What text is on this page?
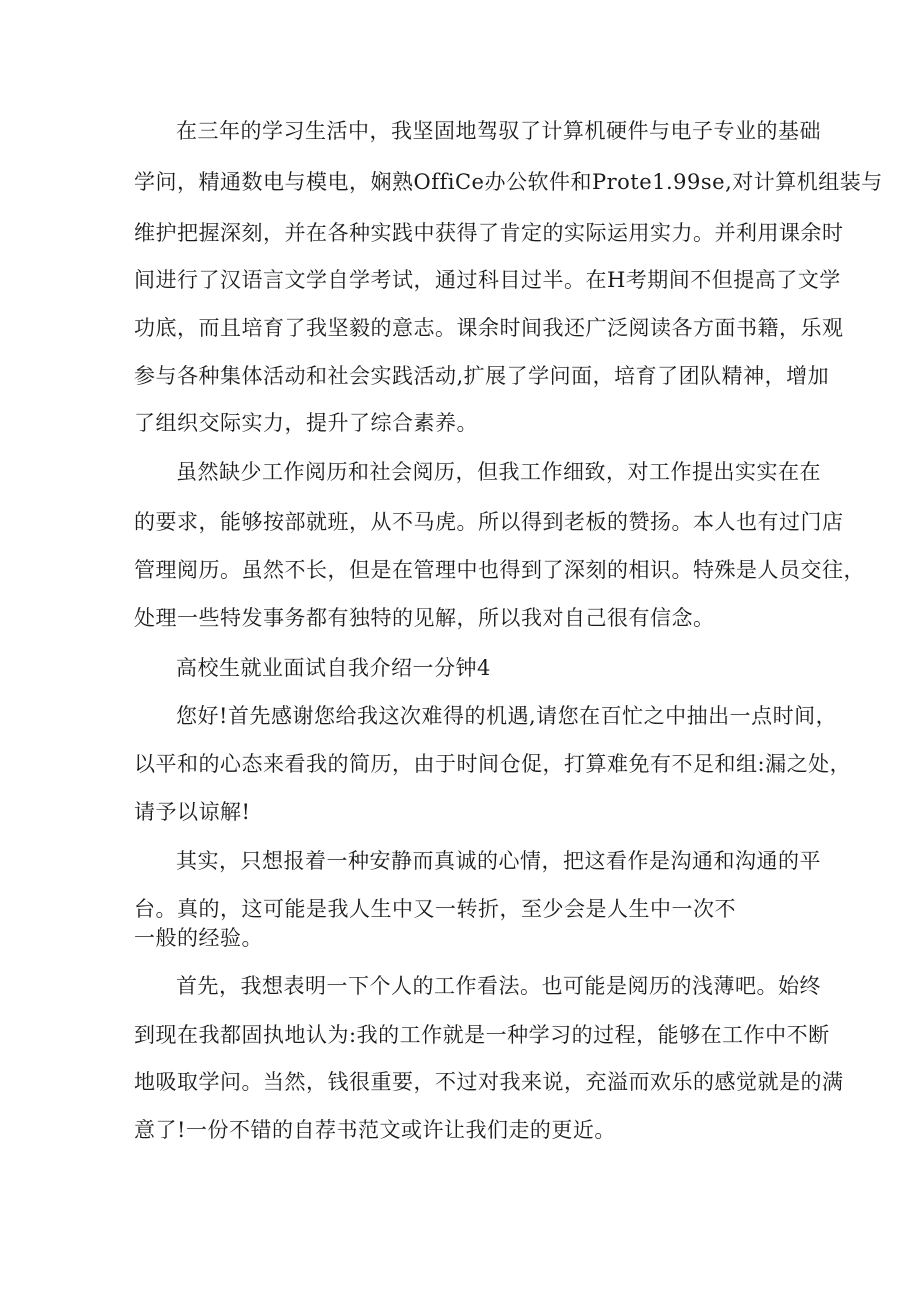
在三年的学习生活中，我坚固地驾驭了计算机硬件与电子专业的基础
学问，精通数电与模电，娴熟OffiCe办公软件和Prote1.99se,对计算机组装与
维护把握深刻，并在各种实践中获得了肯定的实际运用实力。并利用课余时
间进行了汉语言文学自学考试，通过科目过半。在H考期间不但提高了文学
功底，而且培育了我坚毅的意志。课余时间我还广泛阅读各方面书籍，乐观
参与各种集体活动和社会实践活动,扩展了学问面，培育了团队精神，增加
了组织交际实力，提升了综合素养。
虽然缺少工作阅历和社会阅历，但我工作细致，对工作提出实实在在
的要求，能够按部就班，从不马虎。所以得到老板的赞扬。本人也有过门店
管理阅历。虽然不长，但是在管理中也得到了深刻的相识。特殊是人员交往，
处理一些特发事务都有独特的见解，所以我对自己很有信念。
高校生就业面试自我介绍一分钟4
您好!首先感谢您给我这次难得的机遇,请您在百忙之中抽出一点时间，
以平和的心态来看我的简历，由于时间仓促，打算难免有不足和组:漏之处，
请予以谅解!
其实，只想报着一种安静而真诚的心情，把这看作是沟通和沟通的平
台。真的，这可能是我人生中又一转折，至少会是人生中一次不
一般的经验。
首先，我想表明一下个人的工作看法。也可能是阅历的浅薄吧。始终
到现在我都固执地认为:我的工作就是一种学习的过程，能够在工作中不断
地吸取学问。当然，钱很重要，不过对我来说，充溢而欢乐的感觉就是的满
意了!一份不错的自荐书范文或许让我们走的更近。
